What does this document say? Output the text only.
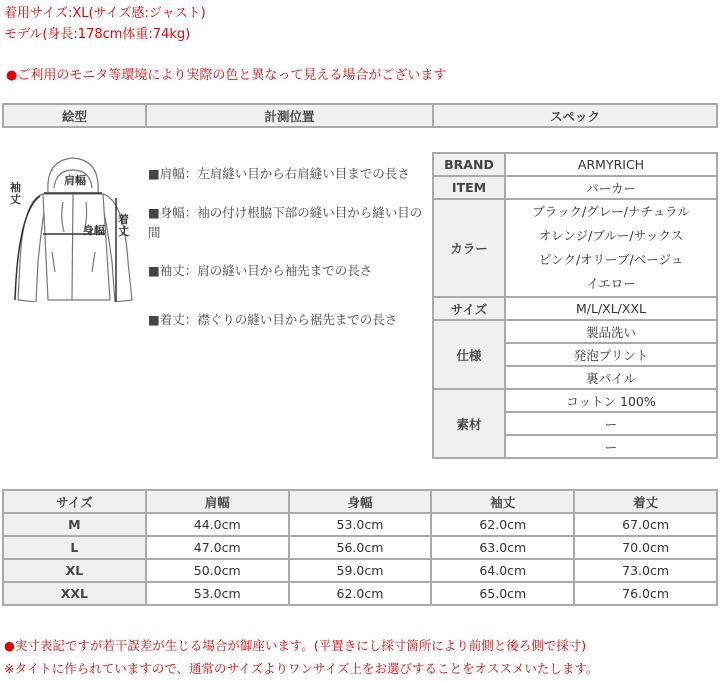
着用サイズ:XL(サイズ感:ジャスト)
モデル(身長:178cm体重:74kg)
●ご利用のモニタ等環境により実際の色と異なって見える場合がございます
絵型	計測位置	スペック
肩幅
身幅
袖丈
着丈
■肩幅：左肩縫い目から右肩縫い目までの長さ
■身幅：袖の付け根脇下部の縫い目から縫い目の間
■袖丈：肩の縫い目から袖先までの長さ
■着丈：襟ぐりの縫い目から裾先までの長さ
BRAND	ARMYRICH
ITEM	パーカー
カラー	ブラック/グレー/ナチュラル
オレンジ/ブルー/サックス
ピンク/オリーブ/ベージュ
イエロー

サイズ	M/L/XL/XXL
仕様	製品洗い
	発泡プリント
	裏パイル
素材	コットン 100%
	ー
	ー
サイズ	肩幅	身幅	袖丈	着丈
M	44.0cm	53.0cm	62.0cm	67.0cm
L	47.0cm	56.0cm	63.0cm	70.0cm
XL	50.0cm	59.0cm	64.0cm	73.0cm
XXL	53.0cm	62.0cm	65.0cm	76.0cm
●実寸表記ですが若干誤差が生じる場合が御座います。(平置きにし採寸箇所により前側と後ろ側で採寸)
※タイトに作られていますので、通常のサイズよりワンサイズ上をお選びすることをオススメいたします。
